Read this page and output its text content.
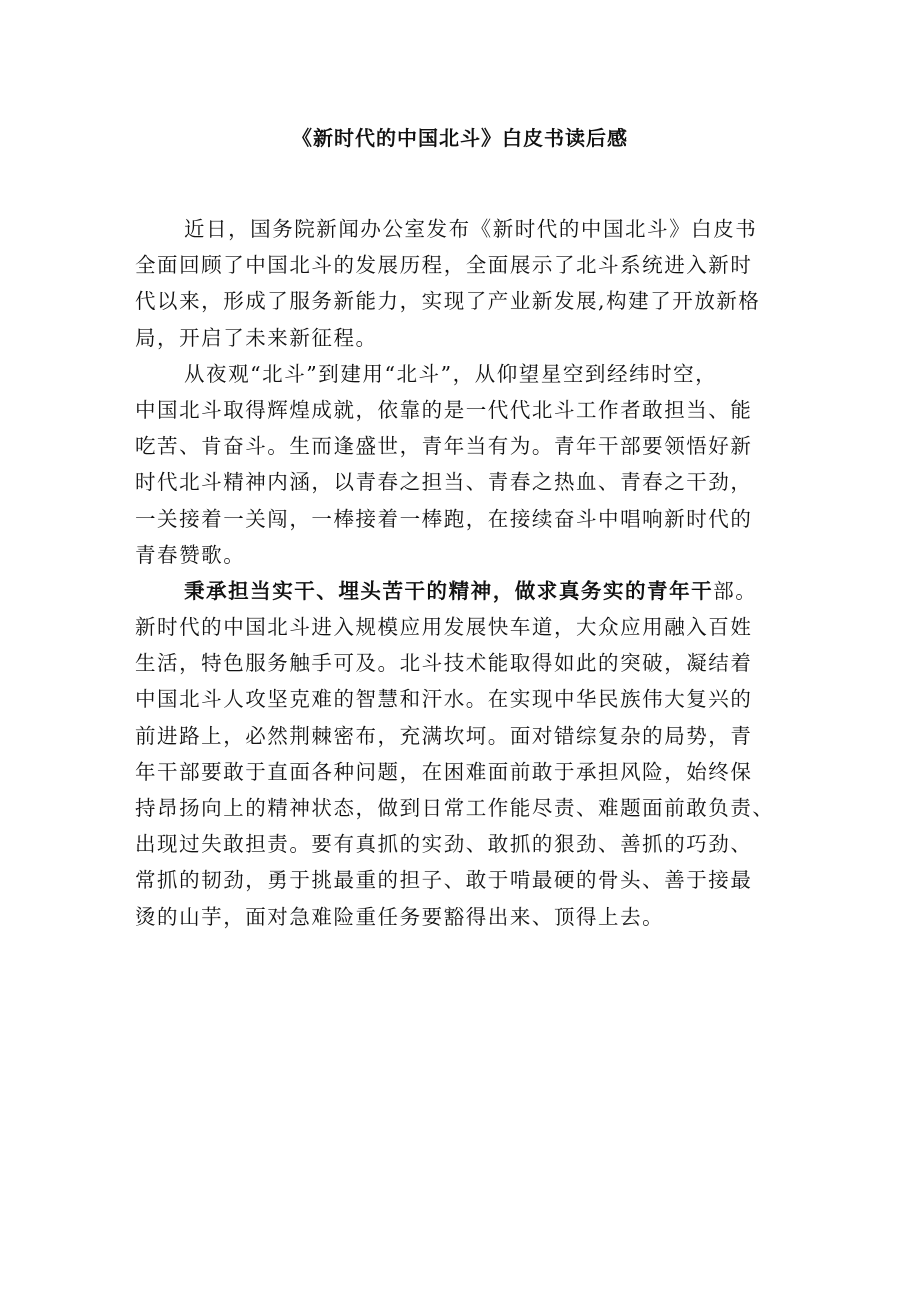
《新时代的中国北斗》白皮书读后感

近日，国务院新闻办公室发布《新时代的中国北斗》白皮书

全面回顾了中国北斗的发展历程，全面展示了北斗系统进入新时

代以来，形成了服务新能力，实现了产业新发展,构建了开放新格

局，开启了未来新征程。

从夜观“北斗”到建用“北斗”，从仰望星空到经纬时空，

中国北斗取得辉煌成就，依靠的是一代代北斗工作者敢担当、能

吃苦、肯奋斗。生而逢盛世，青年当有为。青年干部要领悟好新

时代北斗精神内涵，以青春之担当、青春之热血、青春之干劲，

一关接着一关闯，一棒接着一棒跑，在接续奋斗中唱响新时代的

青春赞歌。

秉承担当实干、埋头苦干的精神，做求真务实的青年干部。

新时代的中国北斗进入规模应用发展快车道，大众应用融入百姓

生活，特色服务触手可及。北斗技术能取得如此的突破，凝结着

中国北斗人攻坚克难的智慧和汗水。在实现中华民族伟大复兴的

前进路上，必然荆棘密布，充满坎坷。面对错综复杂的局势，青

年干部要敢于直面各种问题，在困难面前敢于承担风险，始终保

持昂扬向上的精神状态，做到日常工作能尽责、难题面前敢负责、

出现过失敢担责。要有真抓的实劲、敢抓的狠劲、善抓的巧劲、

常抓的韧劲，勇于挑最重的担子、敢于啃最硬的骨头、善于接最

烫的山芋，面对急难险重任务要豁得出来、顶得上去。
